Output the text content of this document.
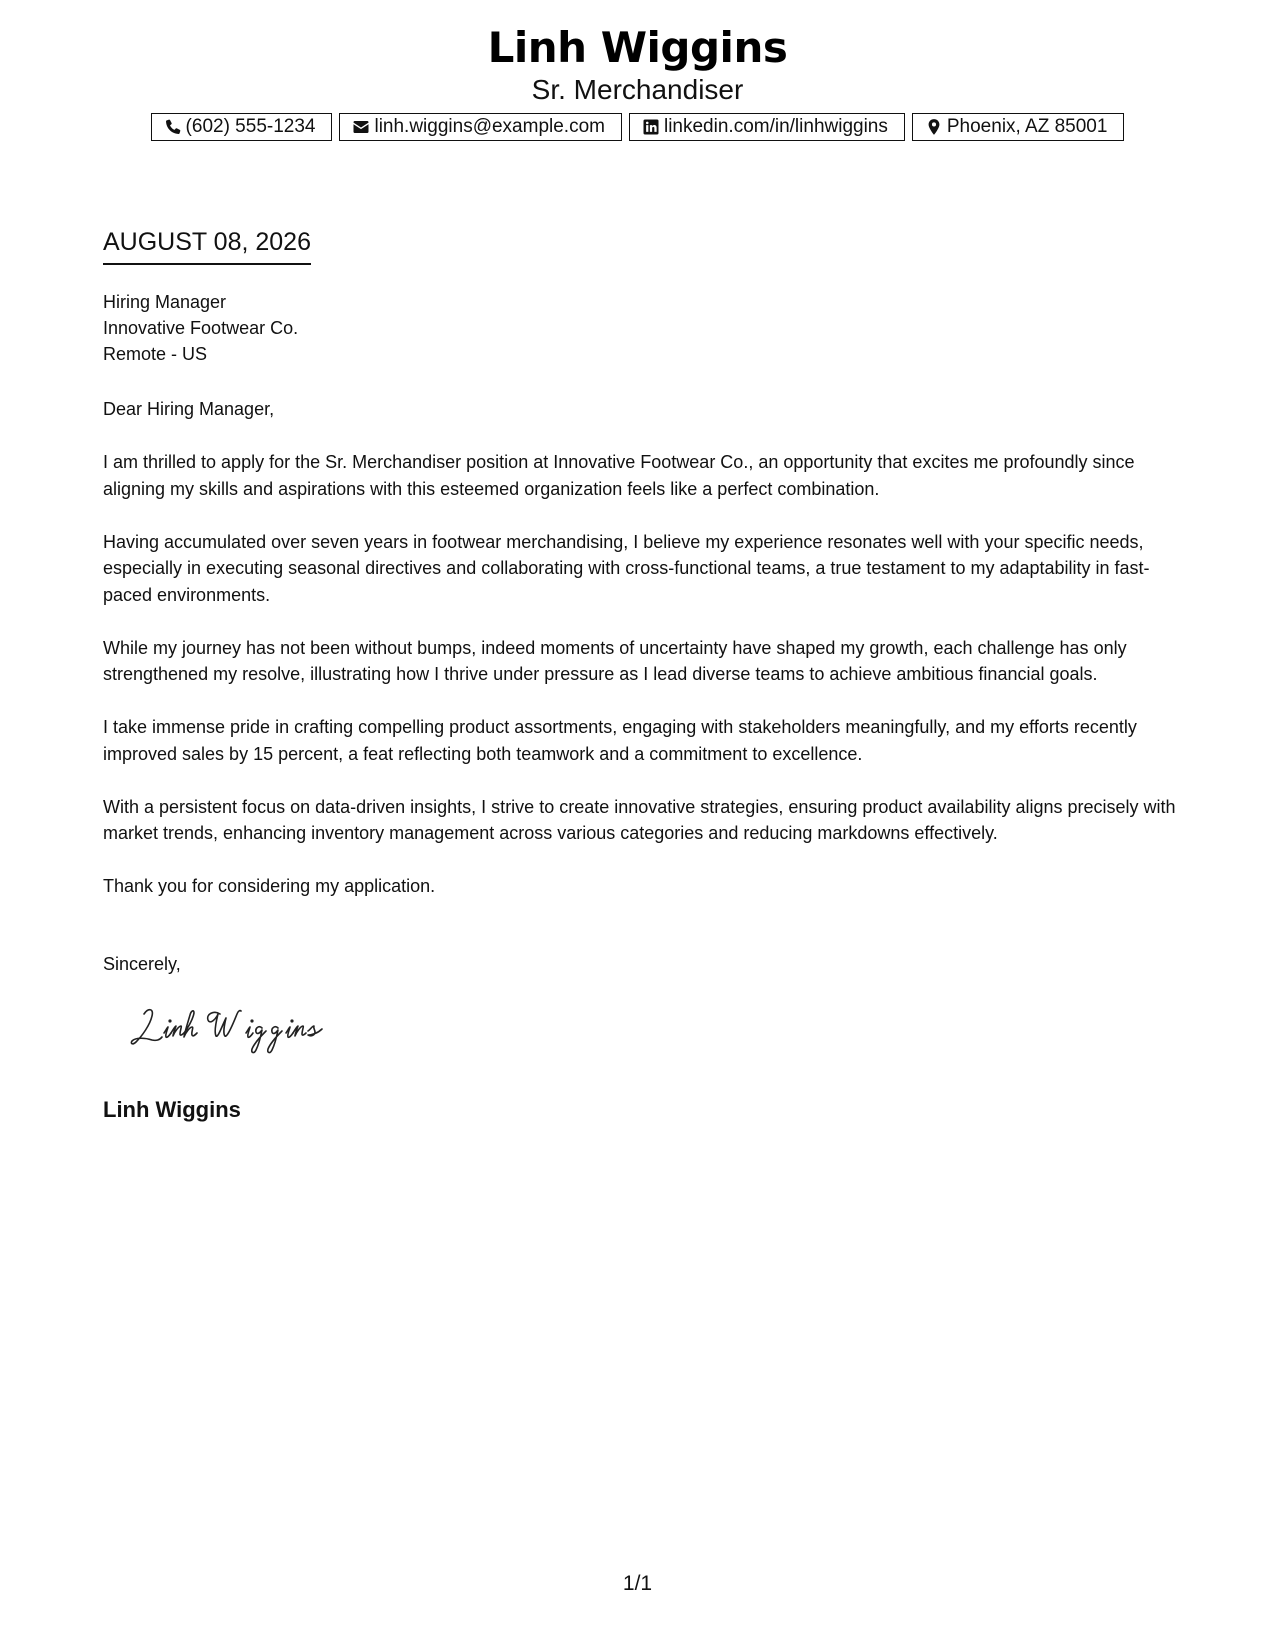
Linh Wiggins
Sr. Merchandiser
(602) 555-1234	linh.wiggins@example.com	linkedin.com/in/linhwiggins	Phoenix, AZ 85001
AUGUST 08, 2026
Hiring Manager
Innovative Footwear Co.
Remote - US
Dear Hiring Manager,

I am thrilled to apply for the Sr. Merchandiser position at Innovative Footwear Co., an opportunity that excites me profoundly since aligning my skills and aspirations with this esteemed organization feels like a perfect combination.

Having accumulated over seven years in footwear merchandising, I believe my experience resonates well with your specific needs, especially in executing seasonal directives and collaborating with cross-functional teams, a true testament to my adaptability in fast-paced environments.

While my journey has not been without bumps, indeed moments of uncertainty have shaped my growth, each challenge has only strengthened my resolve, illustrating how I thrive under pressure as I lead diverse teams to achieve ambitious financial goals.

I take immense pride in crafting compelling product assortments, engaging with stakeholders meaningfully, and my efforts recently improved sales by 15 percent, a feat reflecting both teamwork and a commitment to excellence.

With a persistent focus on data-driven insights, I strive to create innovative strategies, ensuring product availability aligns precisely with market trends, enhancing inventory management across various categories and reducing markdowns effectively.

Thank you for considering my application.

Sincerely,
Linh Wiggins
1/1
